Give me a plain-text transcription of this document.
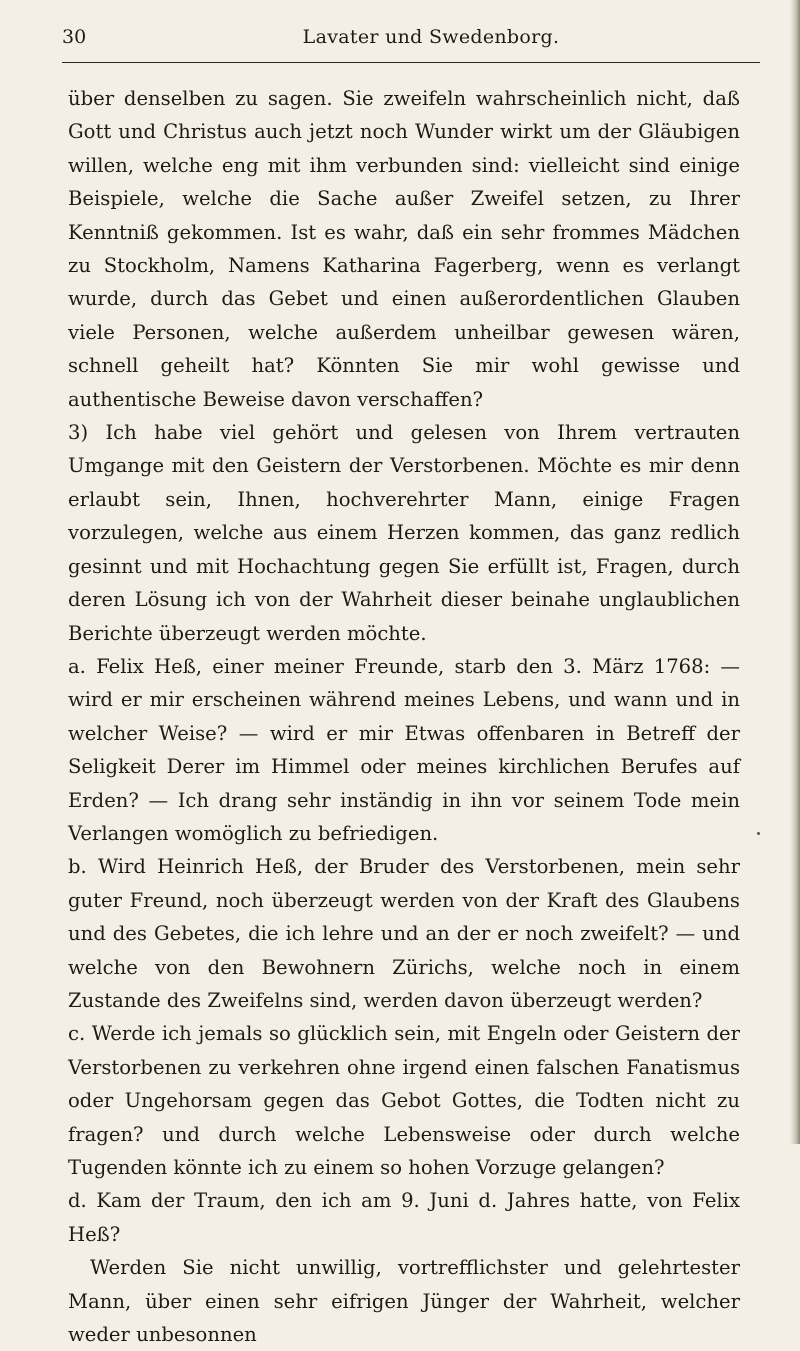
30	Lavater und Swedenborg.

über denselben zu sagen. Sie zweifeln wahrscheinlich nicht, daß Gott und Christus auch jetzt noch Wunder wirkt um der Gläubigen willen, welche eng mit ihm verbunden sind: vielleicht sind einige Beispiele, welche die Sache außer Zweifel setzen, zu Ihrer Kenntniß gekommen. Ist es wahr, daß ein sehr frommes Mädchen zu Stockholm, Namens Katharina Fagerberg, wenn es verlangt wurde, durch das Gebet und einen außerordentlichen Glauben viele Personen, welche außerdem unheilbar gewesen wären, schnell geheilt hat? Könnten Sie mir wohl gewisse und authentische Beweise davon verschaffen?

3) Ich habe viel gehört und gelesen von Ihrem vertrauten Umgange mit den Geistern der Verstorbenen. Möchte es mir denn erlaubt sein, Ihnen, hochverehrter Mann, einige Fragen vorzulegen, welche aus einem Herzen kommen, das ganz redlich gesinnt und mit Hochachtung gegen Sie erfüllt ist, Fragen, durch deren Lösung ich von der Wahrheit dieser beinahe unglaublichen Berichte überzeugt werden möchte.

a. Felix Heß, einer meiner Freunde, starb den 3. März 1768: — wird er mir erscheinen während meines Lebens, und wann und in welcher Weise? — wird er mir Etwas offenbaren in Betreff der Seligkeit Derer im Himmel oder meines kirchlichen Berufes auf Erden? — Ich drang sehr inständig in ihn vor seinem Tode mein Verlangen womöglich zu befriedigen.

b. Wird Heinrich Heß, der Bruder des Verstorbenen, mein sehr guter Freund, noch überzeugt werden von der Kraft des Glaubens und des Gebetes, die ich lehre und an der er noch zweifelt? — und welche von den Bewohnern Zürichs, welche noch in einem Zustande des Zweifelns sind, werden davon überzeugt werden?

c. Werde ich jemals so glücklich sein, mit Engeln oder Geistern der Verstorbenen zu verkehren ohne irgend einen falschen Fanatismus oder Ungehorsam gegen das Gebot Gottes, die Todten nicht zu fragen? und durch welche Lebensweise oder durch welche Tugenden könnte ich zu einem so hohen Vorzuge gelangen?

d. Kam der Traum, den ich am 9. Juni d. Jahres hatte, von Felix Heß?

Werden Sie nicht unwillig, vortrefflichster und gelehrtester Mann, über einen sehr eifrigen Jünger der Wahrheit, welcher weder unbesonnen
